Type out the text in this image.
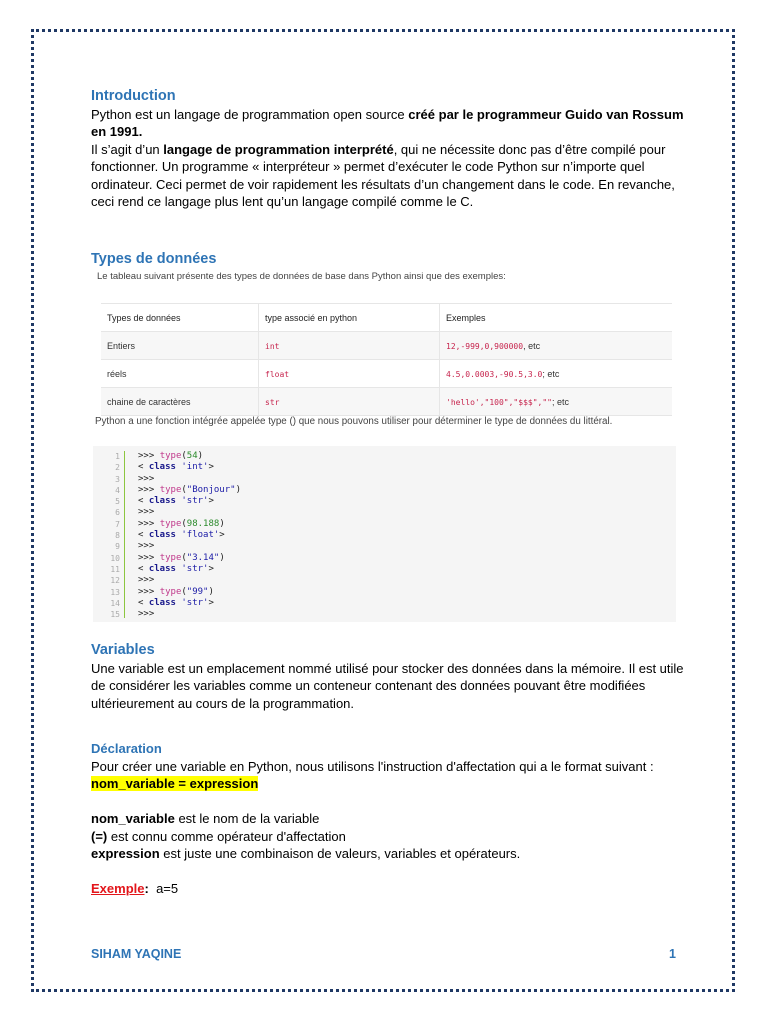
Introduction

Python est un langage de programmation open source créé par le programmeur Guido van Rossum en 1991.

Il s’agit d’un langage de programmation interprété, qui ne nécessite donc pas d’être compilé pour fonctionner. Un programme « interpréteur » permet d’exécuter le code Python sur n’importe quel ordinateur. Ceci permet de voir rapidement les résultats d’un changement dans le code. En revanche, ceci rend ce langage plus lent qu’un langage compilé comme le C.

Types de données

Le tableau suivant présente des types de données de base dans Python ainsi que des exemples:
Types de données	type associé en python	Exemples
Entiers	int	12,-999,0,900000, etc
réels	float	4.5,0.0003,-90.5,3.0; etc
chaine de caractères	str	'hello',"100","$$$",""; etc
Python a une fonction intégrée appelée type () que nous pouvons utiliser pour déterminer le type de données du littéral.
1
2
3
4
5
6
7
8
9
10
11
12
13
14
15
>>> type(54)
< class 'int'>
>>>
>>> type("Bonjour")
< class 'str'>
>>>
>>> type(98.188)
< class 'float'>
>>>
>>> type("3.14")
< class 'str'>
>>>
>>> type("99")
< class 'str'>
>>>

Variables

Une variable est un emplacement nommé utilisé pour stocker des données dans la mémoire. Il est utile de considérer les variables comme un conteneur contenant des données pouvant être modifiées ultérieurement au cours de la programmation.

Déclaration

Pour créer une variable en Python, nous utilisons l'instruction d'affectation qui a le format suivant : nom_variable = expression

nom_variable est le nom de la variable

(=) est connu comme opérateur d'affectation

expression est juste une combinaison de valeurs, variables et opérateurs.

Exemple: a=5

SIHAM YAQINE	1
